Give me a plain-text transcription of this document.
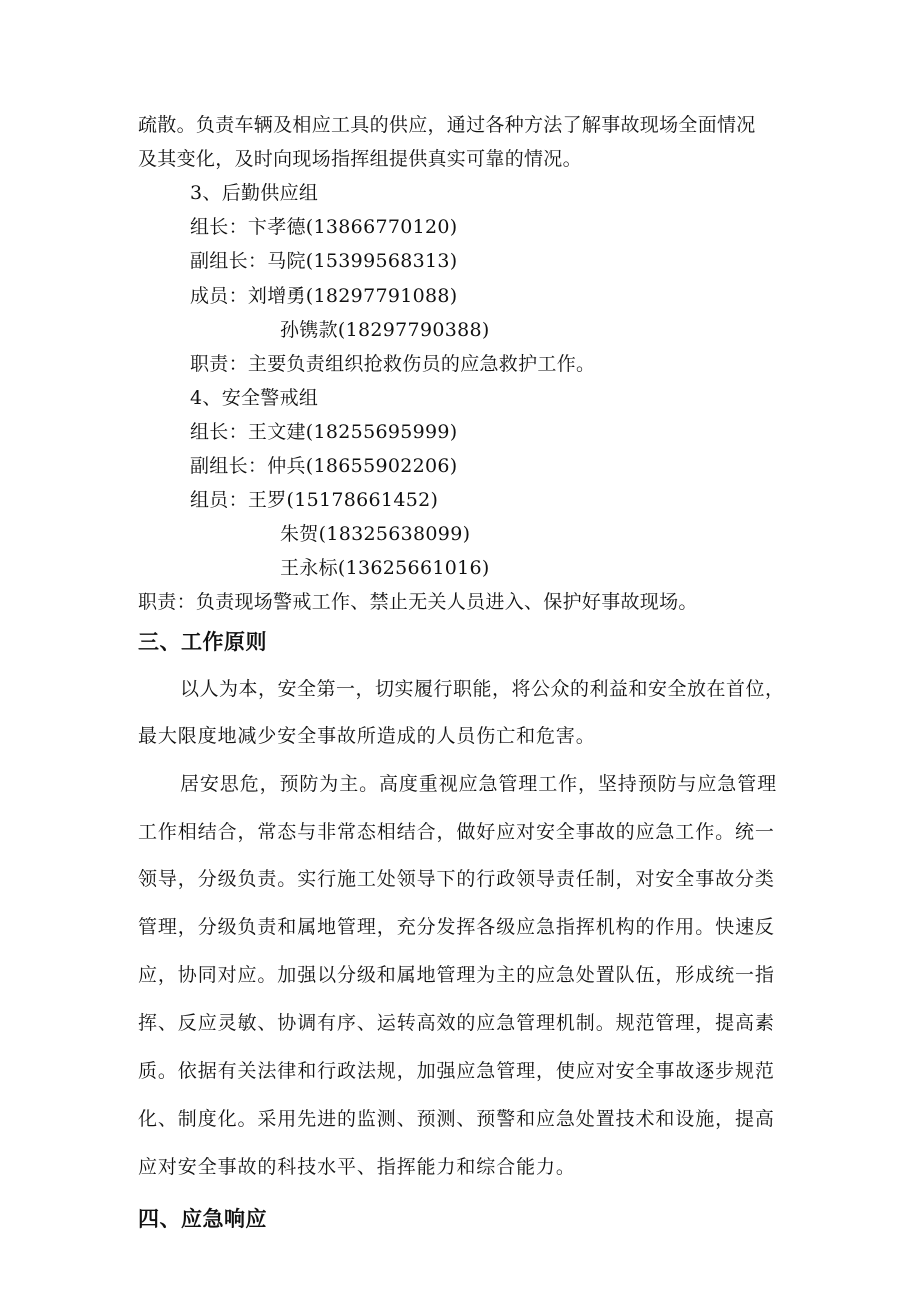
疏散。负责车辆及相应工具的供应，通过各种方法了解事故现场全面情况
及其变化，及时向现场指挥组提供真实可靠的情况。
3、后勤供应组
组长：卞孝德(13866770120)
副组长：马院(15399568313)
成员：刘增勇(18297791088)
孙镌款(18297790388)
职责：主要负责组织抢救伤员的应急救护工作。
4、安全警戒组
组长：王文建(18255695999)
副组长：仲兵(18655902206)
组员：王罗(15178661452)
朱贺(18325638099)
王永标(13625661016)
职责：负责现场警戒工作、禁止无关人员进入、保护好事故现场。
三、工作原则
以人为本，安全第一，切实履行职能，将公众的利益和安全放在首位，
最大限度地减少安全事故所造成的人员伤亡和危害。
居安思危，预防为主。高度重视应急管理工作，坚持预防与应急管理
工作相结合，常态与非常态相结合，做好应对安全事故的应急工作。统一
领导，分级负责。实行施工处领导下的行政领导责任制，对安全事故分类
管理，分级负责和属地管理，充分发挥各级应急指挥机构的作用。快速反
应，协同对应。加强以分级和属地管理为主的应急处置队伍，形成统一指
挥、反应灵敏、协调有序、运转高效的应急管理机制。规范管理，提高素
质。依据有关法律和行政法规，加强应急管理，使应对安全事故逐步规范
化、制度化。采用先进的监测、预测、预警和应急处置技术和设施，提高
应对安全事故的科技水平、指挥能力和综合能力。
四、应急响应
